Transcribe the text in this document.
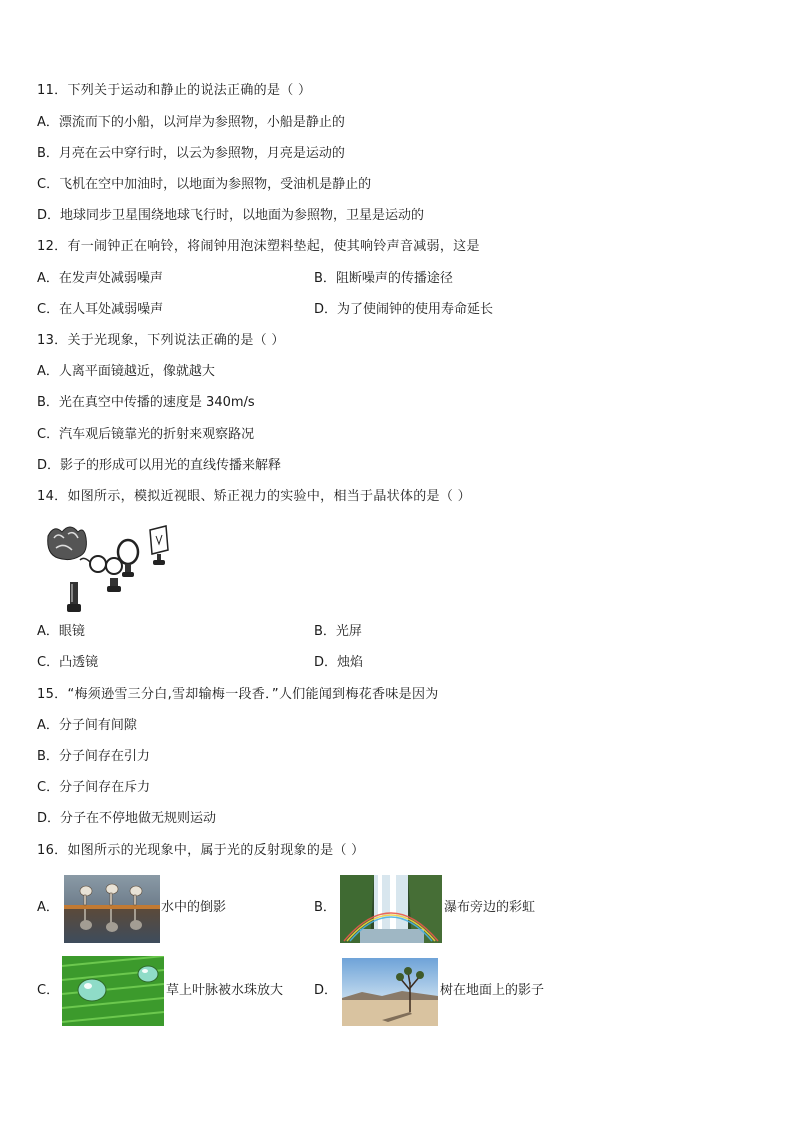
11．下列关于运动和静止的说法正确的是（ ）
A．漂流而下的小船，以河岸为参照物，小船是静止的
B．月亮在云中穿行时，以云为参照物，月亮是运动的
C．飞机在空中加油时，以地面为参照物，受油机是静止的
D．地球同步卫星围绕地球飞行时，以地面为参照物，卫星是运动的
12．有一闹钟正在响铃，将闹钟用泡沫塑料垫起，使其响铃声音减弱，这是
A．在发声处减弱噪声	B．阻断噪声的传播途径
C．在人耳处减弱噪声	D．为了使闹钟的使用寿命延长
13．关于光现象，下列说法正确的是（ ）
A．人离平面镜越近，像就越大
B．光在真空中传播的速度是 340m/s
C．汽车观后镜靠光的折射来观察路况
D．影子的形成可以用光的直线传播来解释
14．如图所示，模拟近视眼、矫正视力的实验中，相当于晶状体的是（ ）
A．眼镜	B．光屏
C．凸透镜	D．烛焰
15．“梅须逊雪三分白,雪却输梅一段香．”人们能闻到梅花香味是因为
A．分子间有间隙
B．分子间存在引力
C．分子间存在斥力
D．分子在不停地做无规则运动
16．如图所示的光现象中，属于光的反射现象的是（ ）
A．	水中的倒影	B．	瀑布旁边的彩虹
C．	草上叶脉被水珠放大 D．	树在地面上的影子
